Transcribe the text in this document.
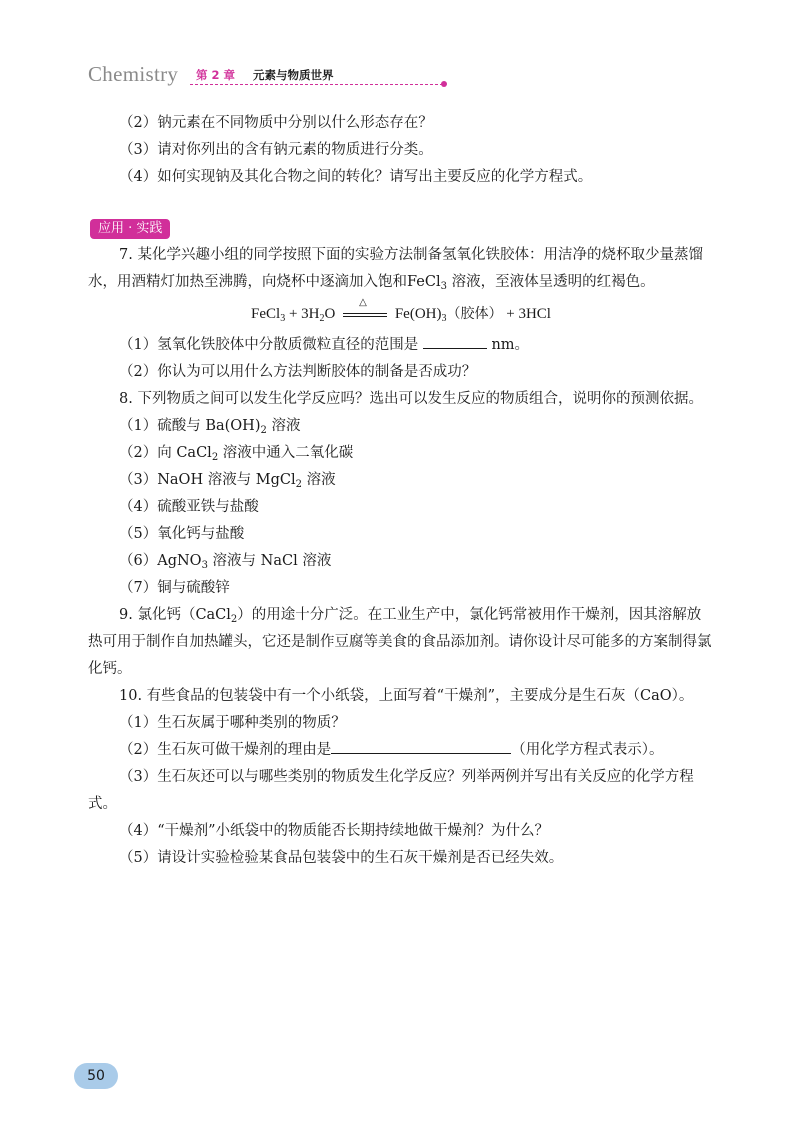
Chemistry 第 2 章 元素与物质世界
（2）钠元素在不同物质中分别以什么形态存在？
（3）请对你列出的含有钠元素的物质进行分类。
（4）如何实现钠及其化合物之间的转化？请写出主要反应的化学方程式。
应用 · 实践
7. 某化学兴趣小组的同学按照下面的实验方法制备氢氧化铁胶体：用洁净的烧杯取少量蒸馏水，用酒精灯加热至沸腾，向烧杯中逐滴加入饱和FeCl$_3$ 溶液，至液体呈透明的红褐色。
FeCl$_3$ + $3H_2O$
△
$Fe(OH)_3$（胶体） + 3HCl
（1）氢氧化铁胶体中分散质微粒直径的范围是	nm。
（2）你认为可以用什么方法判断胶体的制备是否成功？
8. 下列物质之间可以发生化学反应吗？选出可以发生反应的物质组合，说明你的预测依据。
（1）硫酸与 $Ba(OH)_2$ 溶液
（2）向 CaCl$_2$ 溶液中通入二氧化碳
（3）NaOH 溶液与 MgCl$_2$ 溶液
（4）硫酸亚铁与盐酸
（5）氧化钙与盐酸
（6）AgNO$_3$ 溶液与 NaCl 溶液
（7）铜与硫酸锌
9. 氯化钙（CaCl$_2$）的用途十分广泛。在工业生产中，氯化钙常被用作干燥剂，因其溶解放热可用于制作自加热罐头，它还是制作豆腐等美食的食品添加剂。请你设计尽可能多的方案制得氯化钙。
10. 有些食品的包装袋中有一个小纸袋，上面写着“干燥剂”，主要成分是生石灰（CaO）。
（1）生石灰属于哪种类别的物质？
（2）生石灰可做干燥剂的理由是	（用化学方程式表示）。
（3）生石灰还可以与哪些类别的物质发生化学反应？列举两例并写出有关反应的化学方程式。
（4）“干燥剂”小纸袋中的物质能否长期持续地做干燥剂？为什么？
（5）请设计实验检验某食品包装袋中的生石灰干燥剂是否已经失效。
50
